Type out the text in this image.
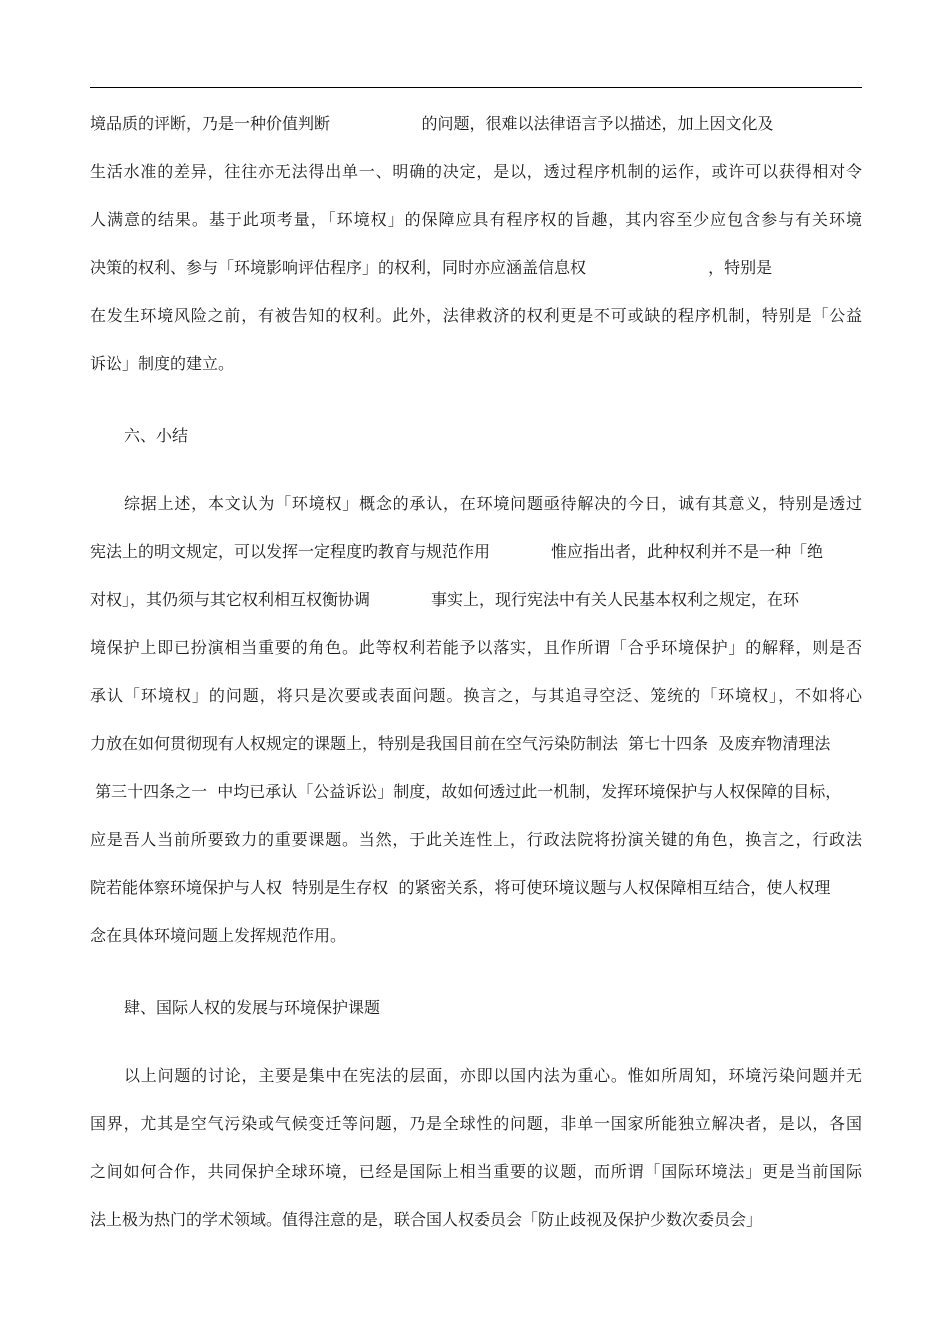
境品质的评断，乃是一种价值判断                  的问题，很难以法律语言予以描述，加上因文化及
生活水准的差异，往往亦无法得出单一、明确的决定，是以，透过程序机制的运作，或许可以获得相对令
人满意的结果。基于此项考量，「环境权」的保障应具有程序权的旨趣，其内容至少应包含参与有关环境
决策的权利、参与「环境影响评估程序」的权利，同时亦应涵盖信息权                        ，特别是
在发生环境风险之前，有被告知的权利。此外，法律救济的权利更是不可或缺的程序机制，特别是「公益
诉讼」制度的建立。
六、小结
综据上述，本文认为「环境权」概念的承认，在环境问题亟待解决的今日，诚有其意义，特别是透过
宪法上的明文规定，可以发挥一定程度旳教育与规范作用            惟应指出者，此种权利并不是一种「绝
对权」，其仍须与其它权利相互权衡协调            事实上，现行宪法中有关人民基本权利之规定，在环
境保护上即已扮演相当重要的角色。此等权利若能予以落实，且作所谓「合乎环境保护」的解释，则是否
承认「环境权」的问题，将只是次要或表面问题。换言之，与其追寻空泛、笼统的「环境权」，不如将心
力放在如何贯彻现有人权规定的课题上，特别是我国目前在空气污染防制法  第七十四条  及废弃物清理法
第三十四条之一  中均已承认「公益诉讼」制度，故如何透过此一机制，发挥环境保护与人权保障的目标，
应是吾人当前所要致力的重要课题。当然，于此关连性上，行政法院将扮演关键的角色，换言之，行政法
院若能体察环境保护与人权  特别是生存权  的紧密关系，将可使环境议题与人权保障相互结合，使人权理
念在具体环境问题上发挥规范作用。
肆、国际人权的发展与环境保护课题
以上问题的讨论，主要是集中在宪法的层面，亦即以国内法为重心。惟如所周知，环境污染问题并无
国界，尤其是空气污染或气候变迁等问题，乃是全球性的问题，非单一国家所能独立解决者，是以，各国
之间如何合作，共同保护全球环境，已经是国际上相当重要的议题，而所谓「国际环境法」更是当前国际
法上极为热门的学术领域。值得注意的是，联合国人权委员会「防止歧视及保护少数次委员会」
